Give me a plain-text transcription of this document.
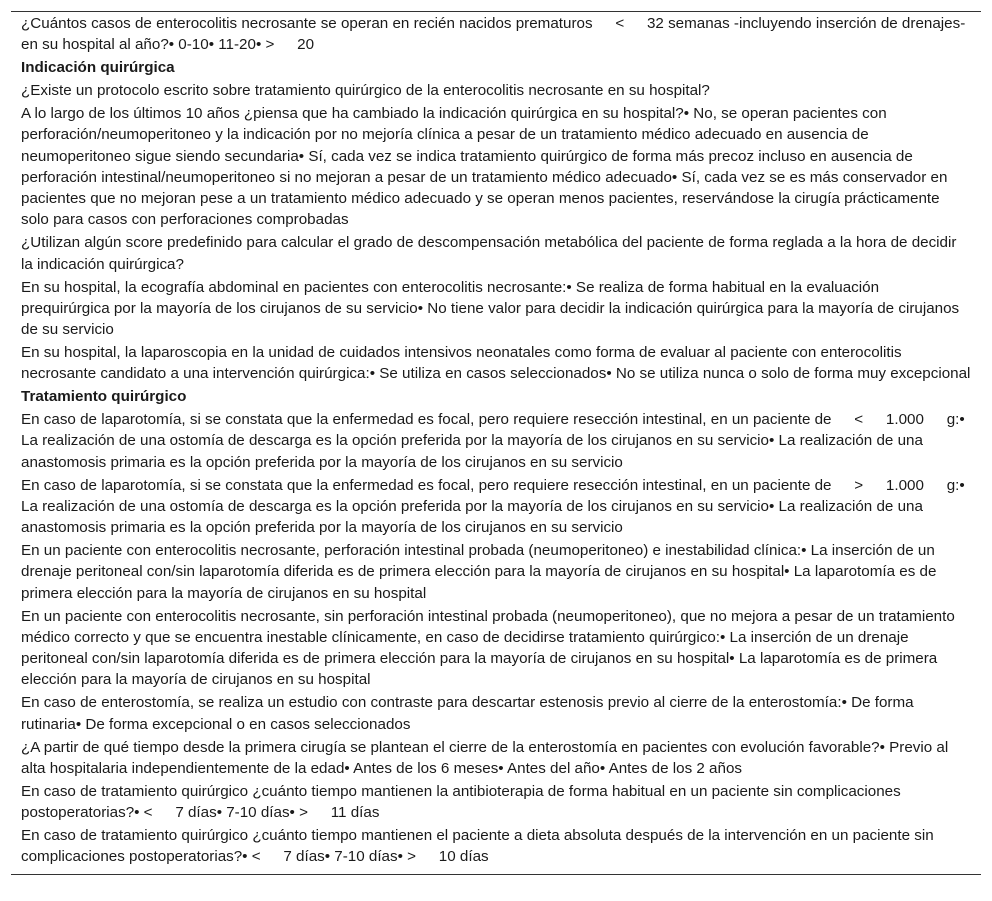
¿Cuántos casos de enterocolitis necrosante se operan en recién nacidos prematuros   <   32 semanas -incluyendo inserción de drenajes- en su hospital al año?• 0-10• 11-20• >   20
Indicación quirúrgica
¿Existe un protocolo escrito sobre tratamiento quirúrgico de la enterocolitis necrosante en su hospital?
A lo largo de los últimos 10 años ¿piensa que ha cambiado la indicación quirúrgica en su hospital?• No, se operan pacientes con perforación/neumoperitoneo y la indicación por no mejoría clínica a pesar de un tratamiento médico adecuado en ausencia de neumoperitoneo sigue siendo secundaria• Sí, cada vez se indica tratamiento quirúrgico de forma más precoz incluso en ausencia de perforación intestinal/neumoperitoneo si no mejoran a pesar de un tratamiento médico adecuado• Sí, cada vez se es más conservador en pacientes que no mejoran pese a un tratamiento médico adecuado y se operan menos pacientes, reservándose la cirugía prácticamente solo para casos con perforaciones comprobadas
¿Utilizan algún score predefinido para calcular el grado de descompensación metabólica del paciente de forma reglada a la hora de decidir la indicación quirúrgica?
En su hospital, la ecografía abdominal en pacientes con enterocolitis necrosante:• Se realiza de forma habitual en la evaluación prequirúrgica por la mayoría de los cirujanos de su servicio• No tiene valor para decidir la indicación quirúrgica para la mayoría de cirujanos de su servicio
En su hospital, la laparoscopia en la unidad de cuidados intensivos neonatales como forma de evaluar al paciente con enterocolitis necrosante candidato a una intervención quirúrgica:• Se utiliza en casos seleccionados• No se utiliza nunca o solo de forma muy excepcional
Tratamiento quirúrgico
En caso de laparotomía, si se constata que la enfermedad es focal, pero requiere resección intestinal, en un paciente de   <   1.000   g:• La realización de una ostomía de descarga es la opción preferida por la mayoría de los cirujanos en su servicio• La realización de una anastomosis primaria es la opción preferida por la mayoría de los cirujanos en su servicio
En caso de laparotomía, si se constata que la enfermedad es focal, pero requiere resección intestinal, en un paciente de   >   1.000   g:• La realización de una ostomía de descarga es la opción preferida por la mayoría de los cirujanos en su servicio• La realización de una anastomosis primaria es la opción preferida por la mayoría de los cirujanos en su servicio
En un paciente con enterocolitis necrosante, perforación intestinal probada (neumoperitoneo) e inestabilidad clínica:• La inserción de un drenaje peritoneal con/sin laparotomía diferida es de primera elección para la mayoría de cirujanos en su hospital• La laparotomía es de primera elección para la mayoría de cirujanos en su hospital
En un paciente con enterocolitis necrosante, sin perforación intestinal probada (neumoperitoneo), que no mejora a pesar de un tratamiento médico correcto y que se encuentra inestable clínicamente, en caso de decidirse tratamiento quirúrgico:• La inserción de un drenaje peritoneal con/sin laparotomía diferida es de primera elección para la mayoría de cirujanos en su hospital• La laparotomía es de primera elección para la mayoría de cirujanos en su hospital
En caso de enterostomía, se realiza un estudio con contraste para descartar estenosis previo al cierre de la enterostomía:• De forma rutinaria• De forma excepcional o en casos seleccionados
¿A partir de qué tiempo desde la primera cirugía se plantean el cierre de la enterostomía en pacientes con evolución favorable?• Previo al alta hospitalaria independientemente de la edad• Antes de los 6 meses• Antes del año• Antes de los 2 años
En caso de tratamiento quirúrgico ¿cuánto tiempo mantienen la antibioterapia de forma habitual en un paciente sin complicaciones postoperatorias?• <   7 días• 7-10 días• >   11 días
En caso de tratamiento quirúrgico ¿cuánto tiempo mantienen el paciente a dieta absoluta después de la intervención en un paciente sin complicaciones postoperatorias?• <   7 días• 7-10 días• >   10 días
